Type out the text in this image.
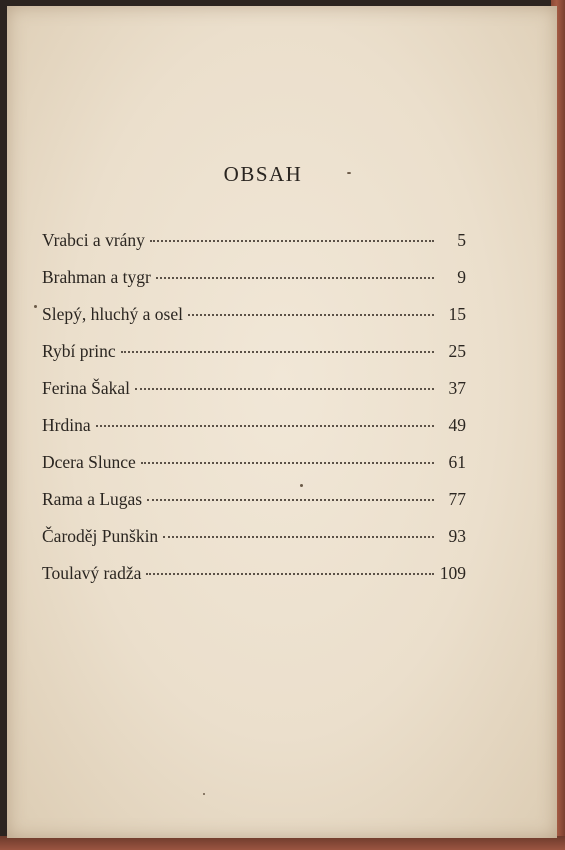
OBSAH
Vrabci a vrány	5
Brahman a tygr	9
Slepý, hluchý a osel	15
Rybí princ	25
Ferina Šakal	37
Hrdina	49
Dcera Slunce	61
Rama a Lugas	77
Čaroděj Punškin	93
Toulavý radža	109
